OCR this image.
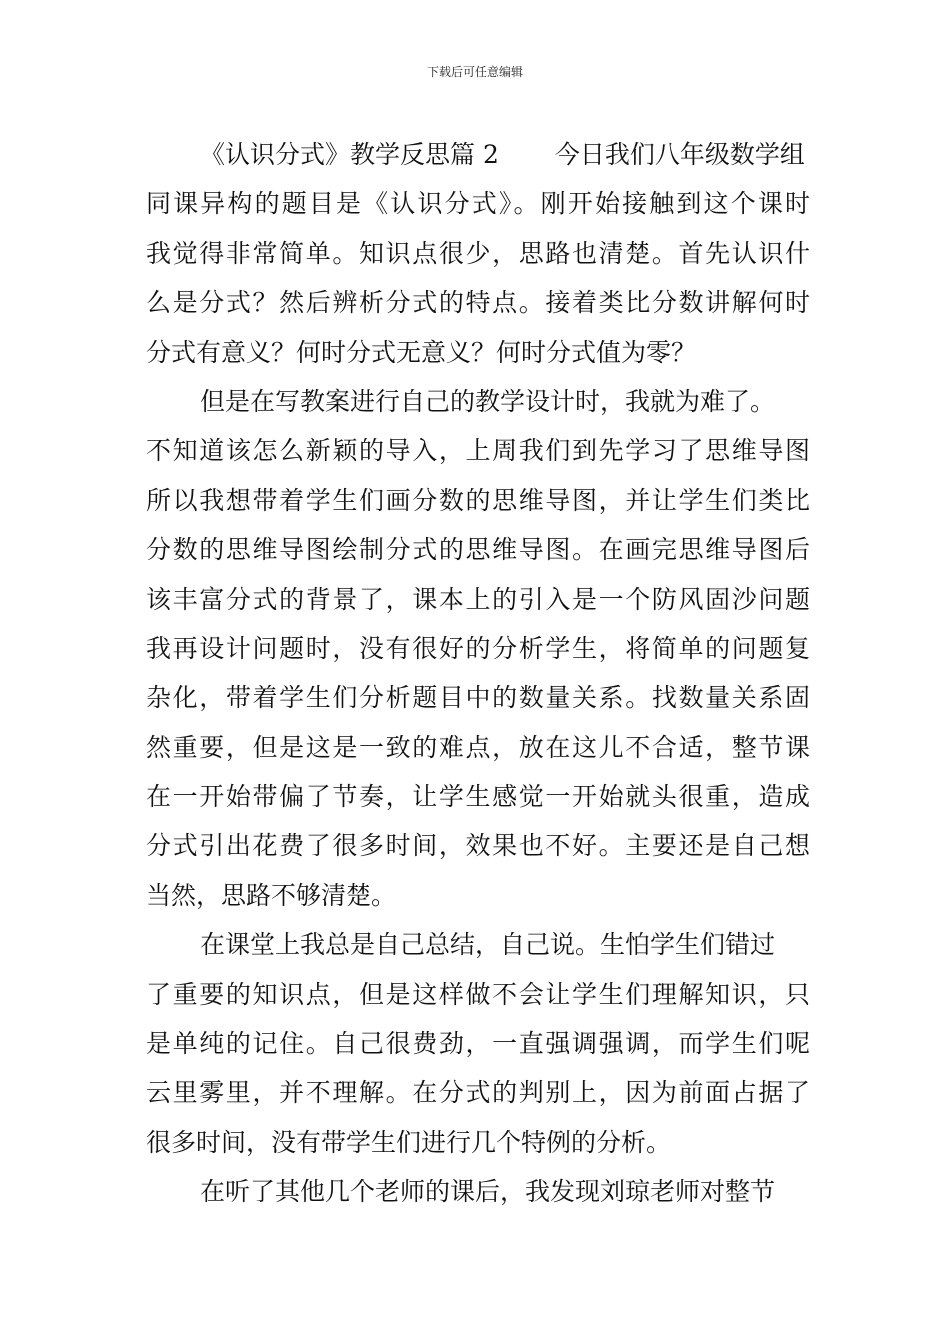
下载后可任意编辑
《认识分式》教学反思篇 2 今日我们八年级数学组
同课异构的题目是《认识分式》。刚开始接触到这个课时
我觉得非常简单。知识点很少，思路也清楚。首先认识什
么是分式？然后辨析分式的特点。接着类比分数讲解何时
分式有意义？何时分式无意义？何时分式值为零？
但是在写教案进行自己的教学设计时，我就为难了。
不知道该怎么新颖的导入，上周我们到先学习了思维导图
所以我想带着学生们画分数的思维导图，并让学生们类比
分数的思维导图绘制分式的思维导图。在画完思维导图后
该丰富分式的背景了，课本上的引入是一个防风固沙问题
我再设计问题时，没有很好的分析学生，将简单的问题复
杂化，带着学生们分析题目中的数量关系。找数量关系固
然重要，但是这是一致的难点，放在这儿不合适，整节课
在一开始带偏了节奏，让学生感觉一开始就头很重，造成
分式引出花费了很多时间，效果也不好。主要还是自己想
当然，思路不够清楚。
在课堂上我总是自己总结，自己说。生怕学生们错过
了重要的知识点，但是这样做不会让学生们理解知识，只
是单纯的记住。自己很费劲，一直强调强调，而学生们呢
云里雾里，并不理解。在分式的判别上，因为前面占据了
很多时间，没有带学生们进行几个特例的分析。
在听了其他几个老师的课后，我发现刘琼老师对整节
